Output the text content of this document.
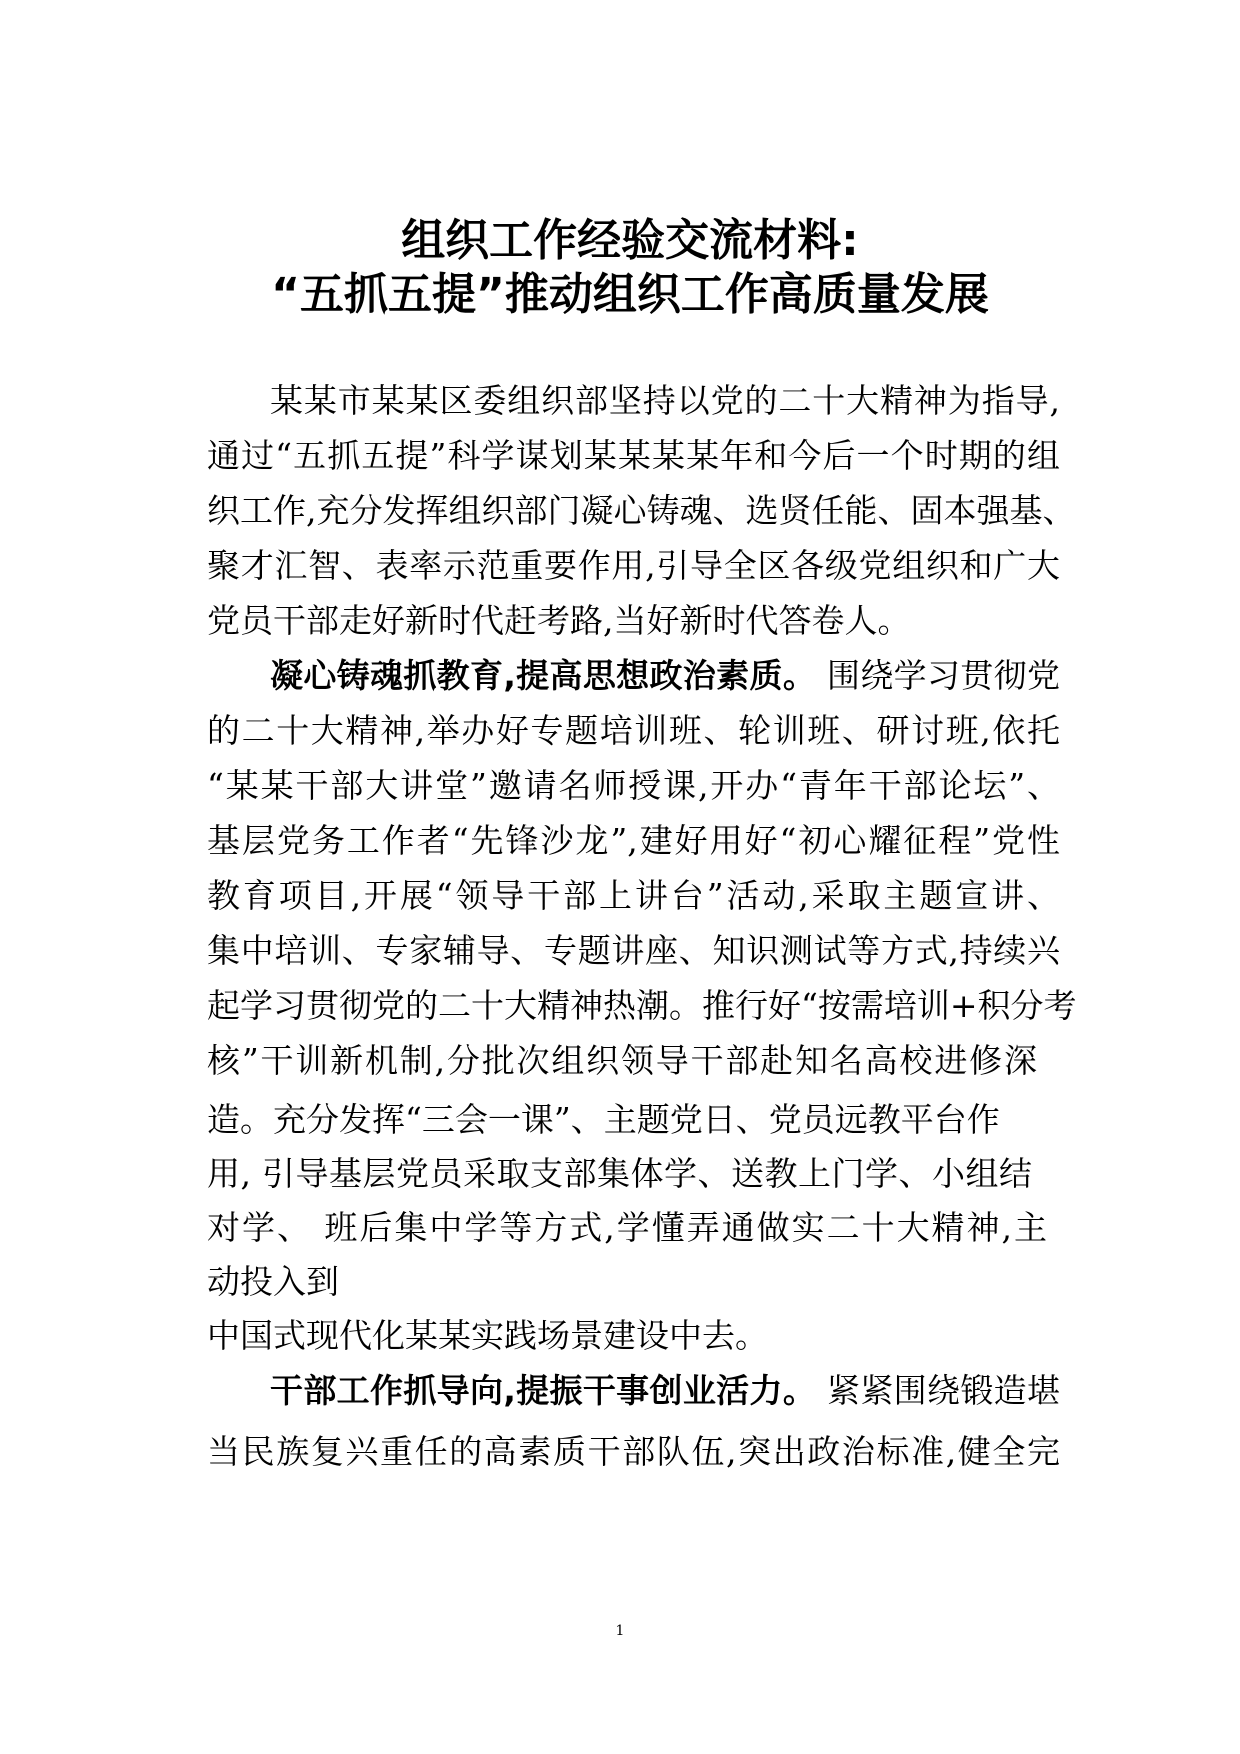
组织工作经验交流材料:
“五抓五提”推动组织工作高质量发展
某某市某某区委组织部坚持以党的二十大精神为指导,
通过“五抓五提”科学谋划某某某某年和今后一个时期的组
织工作,充分发挥组织部门凝心铸魂、选贤任能、固本强基、
聚才汇智、表率示范重要作用,引导全区各级党组织和广大
党员干部走好新时代赶考路,当好新时代答卷人。
凝心铸魂抓教育,提高思想政治素质。 围绕学习贯彻党
的二十大精神,举办好专题培训班、轮训班、研讨班,依托
“某某干部大讲堂”邀请名师授课,开办“青年干部论坛”、
基层党务工作者“先锋沙龙”,建好用好“初心耀征程”党性
教育项目,开展“领导干部上讲台”活动,采取主题宣讲、
集中培训、专家辅导、专题讲座、知识测试等方式,持续兴
起学习贯彻党的二十大精神热潮。推行好“按需培训+积分考
核”干训新机制,分批次组织领导干部赴知名高校进修深
造。充分发挥“三会一课”、主题党日、党员远教平台作
用, 引导基层党员采取支部集体学、送教上门学、小组结
对学、 班后集中学等方式,学懂弄通做实二十大精神,主
动投入到
中国式现代化某某实践场景建设中去。
干部工作抓导向,提振干事创业活力。 紧紧围绕锻造堪
当民族复兴重任的高素质干部队伍,突出政治标准,健全完
1
